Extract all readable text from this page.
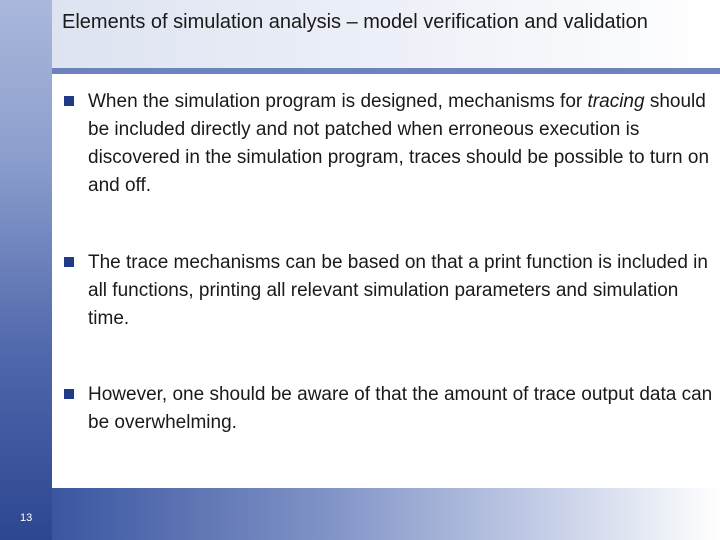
Elements of simulation analysis – model verification and validation
When the simulation program is designed, mechanisms for tracing should be included directly and not patched when erroneous execution is discovered in the simulation program, traces should be possible to turn on and off.
The trace mechanisms can be based on that a print function is included in all functions, printing all relevant simulation parameters and simulation time.
However, one should be aware of that the amount of trace output data can be overwhelming.
13
